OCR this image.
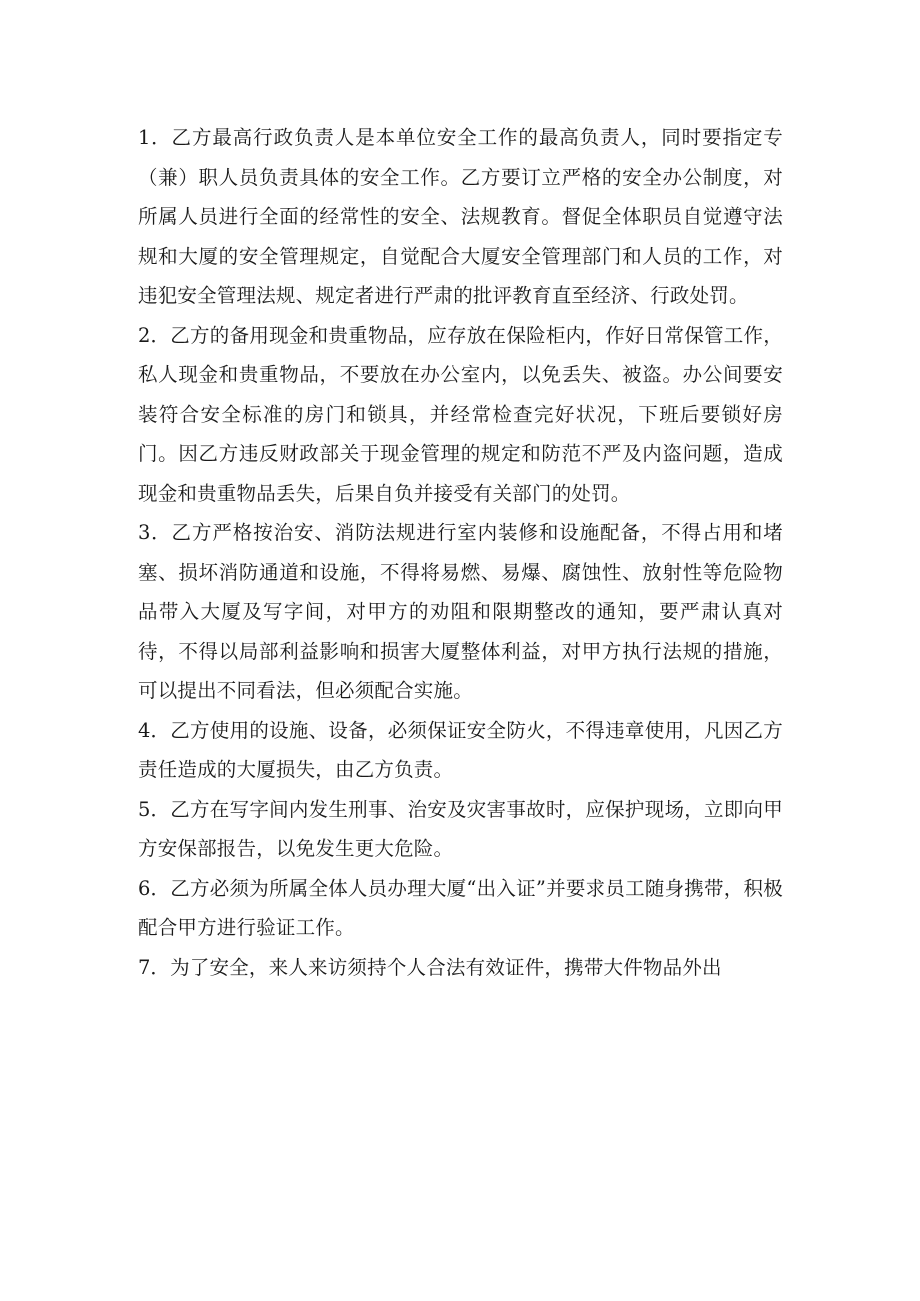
1．乙方最高行政负责人是本单位安全工作的最高负责人，同时要指定专（兼）职人员负责具体的安全工作。乙方要订立严格的安全办公制度，对所属人员进行全面的经常性的安全、法规教育。督促全体职员自觉遵守法规和大厦的安全管理规定，自觉配合大厦安全管理部门和人员的工作，对违犯安全管理法规、规定者进行严肃的批评教育直至经济、行政处罚。

2．乙方的备用现金和贵重物品，应存放在保险柜内，作好日常保管工作，私人现金和贵重物品，不要放在办公室内，以免丢失、被盗。办公间要安装符合安全标准的房门和锁具，并经常检查完好状况，下班后要锁好房门。因乙方违反财政部关于现金管理的规定和防范不严及内盗问题，造成现金和贵重物品丢失，后果自负并接受有关部门的处罚。

3．乙方严格按治安、消防法规进行室内装修和设施配备，不得占用和堵塞、损坏消防通道和设施，不得将易燃、易爆、腐蚀性、放射性等危险物品带入大厦及写字间，对甲方的劝阻和限期整改的通知，要严肃认真对待，不得以局部利益影响和损害大厦整体利益，对甲方执行法规的措施，可以提出不同看法，但必须配合实施。

4．乙方使用的设施、设备，必须保证安全防火，不得违章使用，凡因乙方责任造成的大厦损失，由乙方负责。

5．乙方在写字间内发生刑事、治安及灾害事故时，应保护现场，立即向甲方安保部报告，以免发生更大危险。

6．乙方必须为所属全体人员办理大厦“出入证”并要求员工随身携带，积极配合甲方进行验证工作。

7．为了安全，来人来访须持个人合法有效证件，携带大件物品外出
